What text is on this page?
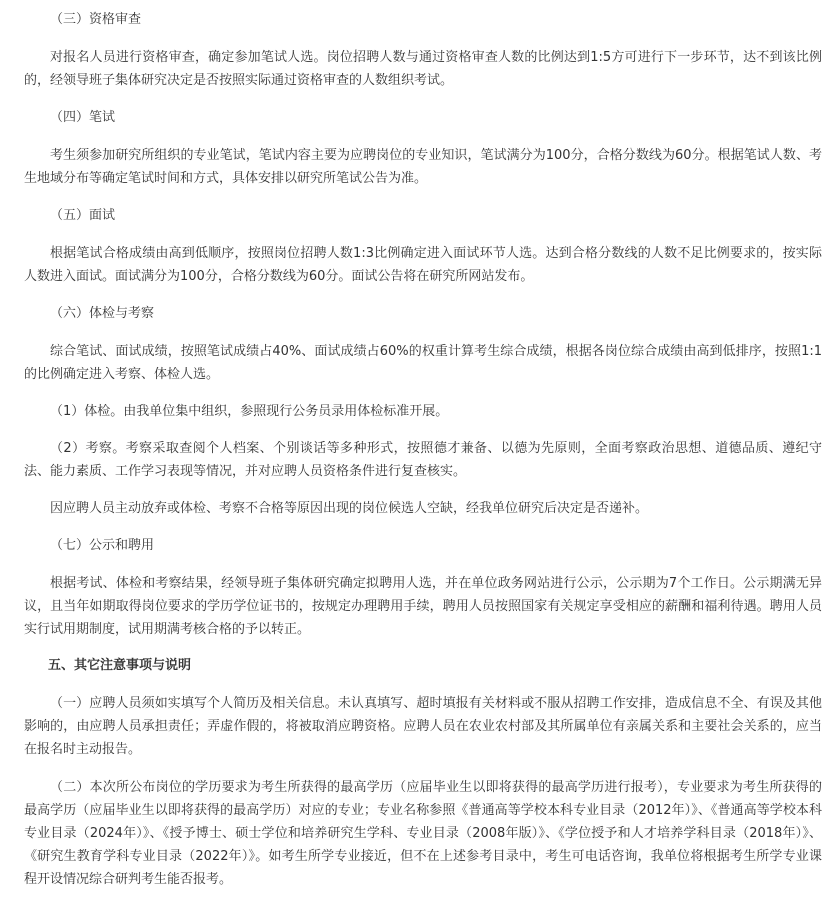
（三）资格审查

对报名人员进行资格审查，确定参加笔试人选。岗位招聘人数与通过资格审查人数的比例达到1:5方可进行下一步环节，达不到该比例的，经领导班子集体研究决定是否按照实际通过资格审查的人数组织考试。

（四）笔试

考生须参加研究所组织的专业笔试，笔试内容主要为应聘岗位的专业知识，笔试满分为100分，合格分数线为60分。根据笔试人数、考生地域分布等确定笔试时间和方式，具体安排以研究所笔试公告为准。

（五）面试

根据笔试合格成绩由高到低顺序，按照岗位招聘人数1:3比例确定进入面试环节人选。达到合格分数线的人数不足比例要求的，按实际人数进入面试。面试满分为100分，合格分数线为60分。面试公告将在研究所网站发布。

（六）体检与考察

综合笔试、面试成绩，按照笔试成绩占40%、面试成绩占60%的权重计算考生综合成绩，根据各岗位综合成绩由高到低排序，按照1:1的比例确定进入考察、体检人选。

（1）体检。由我单位集中组织，参照现行公务员录用体检标准开展。

（2）考察。考察采取查阅个人档案、个别谈话等多种形式，按照德才兼备、以德为先原则，全面考察政治思想、道德品质、遵纪守法、能力素质、工作学习表现等情况，并对应聘人员资格条件进行复查核实。

因应聘人员主动放弃或体检、考察不合格等原因出现的岗位候选人空缺，经我单位研究后决定是否递补。

（七）公示和聘用

根据考试、体检和考察结果，经领导班子集体研究确定拟聘用人选，并在单位政务网站进行公示，公示期为7个工作日。公示期满无异议，且当年如期取得岗位要求的学历学位证书的，按规定办理聘用手续，聘用人员按照国家有关规定享受相应的薪酬和福利待遇。聘用人员实行试用期制度，试用期满考核合格的予以转正。

五、其它注意事项与说明

（一）应聘人员须如实填写个人简历及相关信息。未认真填写、超时填报有关材料或不服从招聘工作安排，造成信息不全、有误及其他影响的，由应聘人员承担责任；弄虚作假的，将被取消应聘资格。应聘人员在农业农村部及其所属单位有亲属关系和主要社会关系的，应当在报名时主动报告。

（二）本次所公布岗位的学历要求为考生所获得的最高学历（应届毕业生以即将获得的最高学历进行报考），专业要求为考生所获得的最高学历（应届毕业生以即将获得的最高学历）对应的专业；专业名称参照《普通高等学校本科专业目录（2012年）》、《普通高等学校本科专业目录（2024年）》、《授予博士、硕士学位和培养研究生学科、专业目录（2008年版）》、《学位授予和人才培养学科目录（2018年）》、《研究生教育学科专业目录（2022年）》。如考生所学专业接近，但不在上述参考目录中，考生可电话咨询，我单位将根据考生所学专业课程开设情况综合研判考生能否报考。
